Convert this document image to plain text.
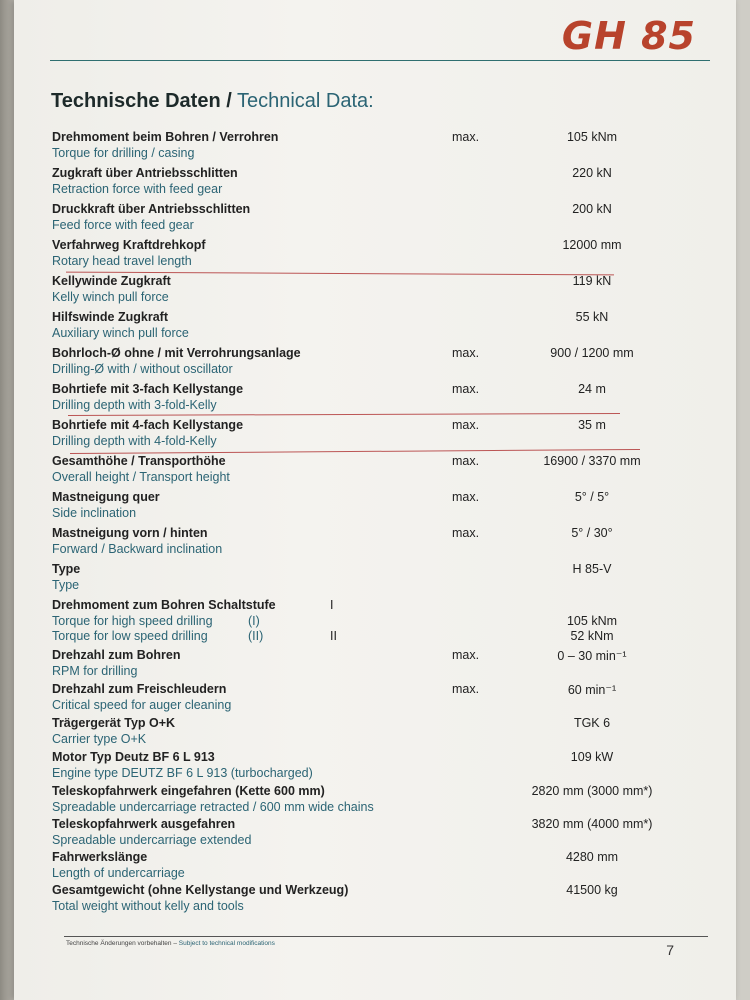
GH 85
Technische Daten / Technical Data:
Drehmoment beim Bohren / Verrohren
Torque for drilling / casing
max.	105 kNm
Zugkraft über Antriebsschlitten
Retraction force with feed gear
220 kN
Druckkraft über Antriebsschlitten
Feed force with feed gear
200 kN
Verfahrweg Kraftdrehkopf
Rotary head travel length
12000 mm
Kellywinde Zugkraft
Kelly winch pull force
119 kN
Hilfswinde Zugkraft
Auxiliary winch pull force
55 kN
Bohrloch-Ø ohne / mit Verrohrungsanlage
Drilling-Ø with / without oscillator
max.	900 / 1200 mm
Bohrtiefe mit 3-fach Kellystange
Drilling depth with 3-fold-Kelly
max.	24 m
Bohrtiefe mit 4-fach Kellystange
Drilling depth with 4-fold-Kelly
max.	35 m
Gesamthöhe / Transporthöhe
Overall height / Transport height
max.	16900 / 3370 mm
Mastneigung quer
Side inclination
max.	5° / 5°
Mastneigung vorn / hinten
Forward / Backward inclination
max.	5° / 30°
Type
Type
H 85-V
Drehmoment zum Bohren Schaltstufe	I
Torque for high speed drilling	(I)	105 kNm
Torque for low speed drilling	(II)	II	52 kNm
Drehzahl zum Bohren
RPM for drilling
max.	0 – 30 min⁻¹
Drehzahl zum Freischleudern
Critical speed for auger cleaning
max.	60 min⁻¹
Trägergerät Typ O+K
Carrier type O+K
TGK 6
Motor Typ Deutz BF 6 L 913
Engine type DEUTZ BF 6 L 913 (turbocharged)
109 kW
Teleskopfahrwerk eingefahren (Kette 600 mm)
Spreadable undercarriage retracted / 600 mm wide chains
2820 mm (3000 mm*)
Teleskopfahrwerk ausgefahren
Spreadable undercarriage extended
3820 mm (4000 mm*)
Fahrwerkslänge
Length of undercarriage
4280 mm
Gesamtgewicht (ohne Kellystange und Werkzeug)
Total weight without kelly and tools
41500 kg
Technische Änderungen vorbehalten – Subject to technical modifications	7
